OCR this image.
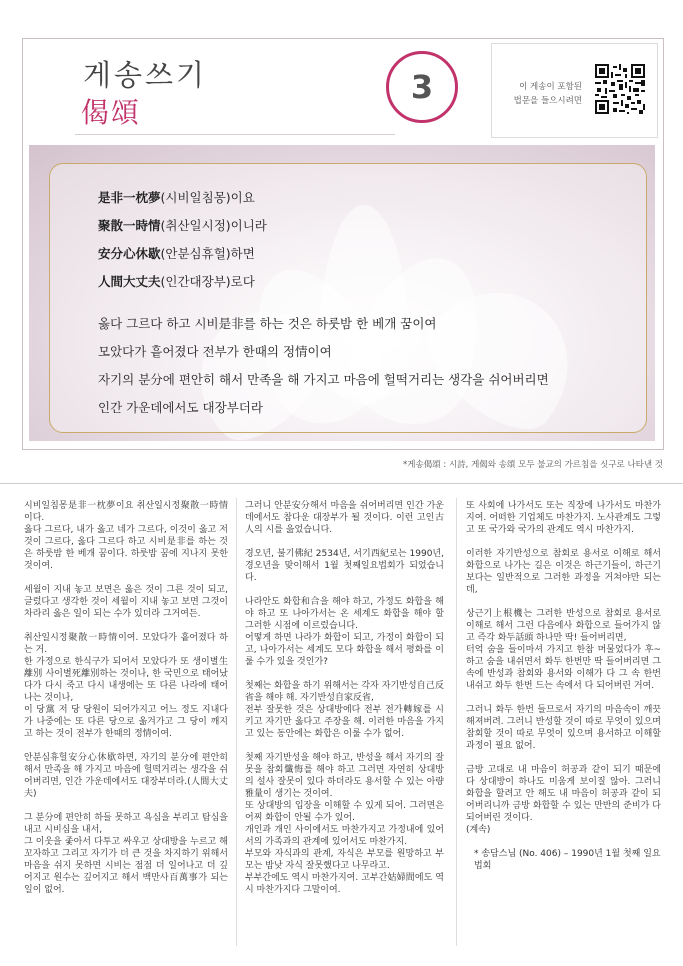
게송쓰기
偈頌
3	이 게송이 포함된
법문을 들으시려면
是非一枕夢(시비일침몽)이요
聚散一時情(취산일시정)이니라
安分心休歇(안분심휴헐)하면
人間大丈夫(인간대장부)로다
옳다 그르다 하고 시비是非를 하는 것은 하룻밤 한 베개 꿈이여
모았다가 흩어졌다 전부가 한때의 정情이여
자기의 분分에 편안히 해서 만족을 해 가지고 마음에 헐떡거리는 생각을 쉬어버리면
인간 가운데에서도 대장부더라
*게송偈頌 : 시詩, 게偈와 송頌 모두 불교의 가르침을 싯구로 나타낸 것

시비일침몽是非一枕夢이요 취산일시정聚散一時情이다.
옳다 그르다, 내가 옳고 네가 그르다, 이것이 옳고 저것이 그르다, 옳다 그르다 하고 시비是非를 하는 것은 하룻밤 한 베개 꿈이다. 하룻밤 꿈에 지나지 못한 것이여.

세월이 지내 놓고 보면은 옳은 것이 그른 것이 되고, 글렀다고 생각한 것이 세월이 지내 놓고 보면 그것이 차라리 옳은 일이 되는 수가 있더라 그거여든.

취산일시정聚散一時情이여. 모았다가 흩어졌다 하는 거.
한 가정으로 한식구가 되어서 모았다가 또 생이별生離別 사이별死離別하는 것이나, 한 국민으로 태어났다가 다시 죽고 다시 내생에는 또 다른 나라에 태어나는 것이나,
이 당黨 저 당 당원이 되어가지고 어느 정도 지내다가 나중에는 또 다른 당으로 옮겨가고 그 당이 깨지고 하는 것이 전부가 한때의 정情이여.

안분심휴헐安分心休歇하면, 자기의 분分에 편안히 해서 만족을 해 가지고 마음에 헐떡거리는 생각을 쉬어버리면, 인간 가운데에서도 대장부더라.(人間大丈夫)

그 분分에 편안히 하들 못하고 욕심을 부리고 탐심을 내고 시비심을 내서,
그 이웃을 좇아서 다투고 싸우고 상대방을 누르고 해꼬자하고 그리고 자기가 더 큰 것을 차지하기 위해서 마음을 쉬지 못하면 시비는 점점 더 일어나고 더 깊어지고 원수는 깊어지고 해서 백만사百萬事가 되는 일이 없어.

그러니 안분安分해서 마음을 쉬어버리면 인간 가운데에서도 참다운 대장부가 될 것이다. 이런 고인古人의 시를 읊었습니다.

경오년, 불기佛紀 2534년, 서기西紀로는 1990년, 경오년을 맞이해서 1월 첫째일요법회가 되었습니다.

나라안도 화합和合을 해야 하고, 가정도 화합을 해야 하고 또 나아가서는 온 세계도 화합을 해야 할 그러한 시점에 이르렀습니다.
어떻게 하면 나라가 화합이 되고, 가정이 화합이 되고, 나아가서는 세계도 모다 화합을 해서 평화를 이룰 수가 있을 것인가?

첫째는 화합을 하기 위해서는 각자 자기반성自己反省을 해야 해. 자기반성自家反省,
전부 잘못한 것은 상대방에다 전부 전가轉嫁를 시키고 자기만 옳다고 주장을 해. 이러한 마음을 가지고 있는 동안에는 화합은 이룰 수가 없어.

첫째 자기반성을 해야 하고, 반성을 해서 자기의 잘못을 참회懺悔를 해야 하고 그러면 자연히 상대방의 설사 잘못이 있다 하더라도 용서할 수 있는 아량雅量이 생기는 것이여.
또 상대방의 입장을 이해할 수 있게 되어. 그러면은 어찌 화합이 안될 수가 있어.
개인과 개인 사이에서도 마찬가지고 가정내에 있어서의 가족과의 관계에 있어서도 마찬가지.
부모와 자식과의 관계, 자식은 부모를 원망하고 부모는 밤낮 자식 잘못했다고 나무라고.
부부간에도 역시 마찬가지여. 고부간姑婦間에도 역시 마찬가지다 그말이여.

또 사회에 나가서도 또는 직장에 나가서도 마찬가지여. 어떠한 기업체도 마찬가지. 노사관계도 그렇고 또 국가와 국가의 관계도 역시 마찬가지.

이러한 자기반성으로 참회로 용서로 이해로 해서 화합으로 나가는 길은 이것은 하근기들이, 하근기보다는 일반적으로 그러한 과정을 거쳐야만 되는데,

상근기上根機는 그러한 반성으로 참회로 용서로 이해로 해서 그런 다음에사 화합으로 들어가지 않고 즉각 화두話頭 하나만 딱! 들어버리면,
터억 숨을 들이마셔 가지고 한참 머물었다가 후~하고 숨을 내쉬면서 화두 한번만 딱 들어버리면 그 속에 반성과 참회와 용서와 이해가 다 그 속 한번 내쉬고 화두 한번 드는 속에서 다 되어버린 거여.

그러니 화두 한번 들므로서 자기의 마음속이 깨끗해져버려. 그러니 반성할 것이 따로 무엇이 있으며 참회할 것이 따로 무엇이 있으며 용서하고 이해할 과정이 필요 없어.

금방 고대로 내 마음이 허공과 같이 되기 때문에 다 상대방이 하나도 미움게 보이질 않아. 그러니 화합을 할려고 안 해도 내 마음이 허공과 같이 되어버리니까 금방 화합할 수 있는 만반의 준비가 다 되어버린 것이다.
(계속)

* 송담스님 (No. 406) – 1990년 1월 첫째 일요법회
